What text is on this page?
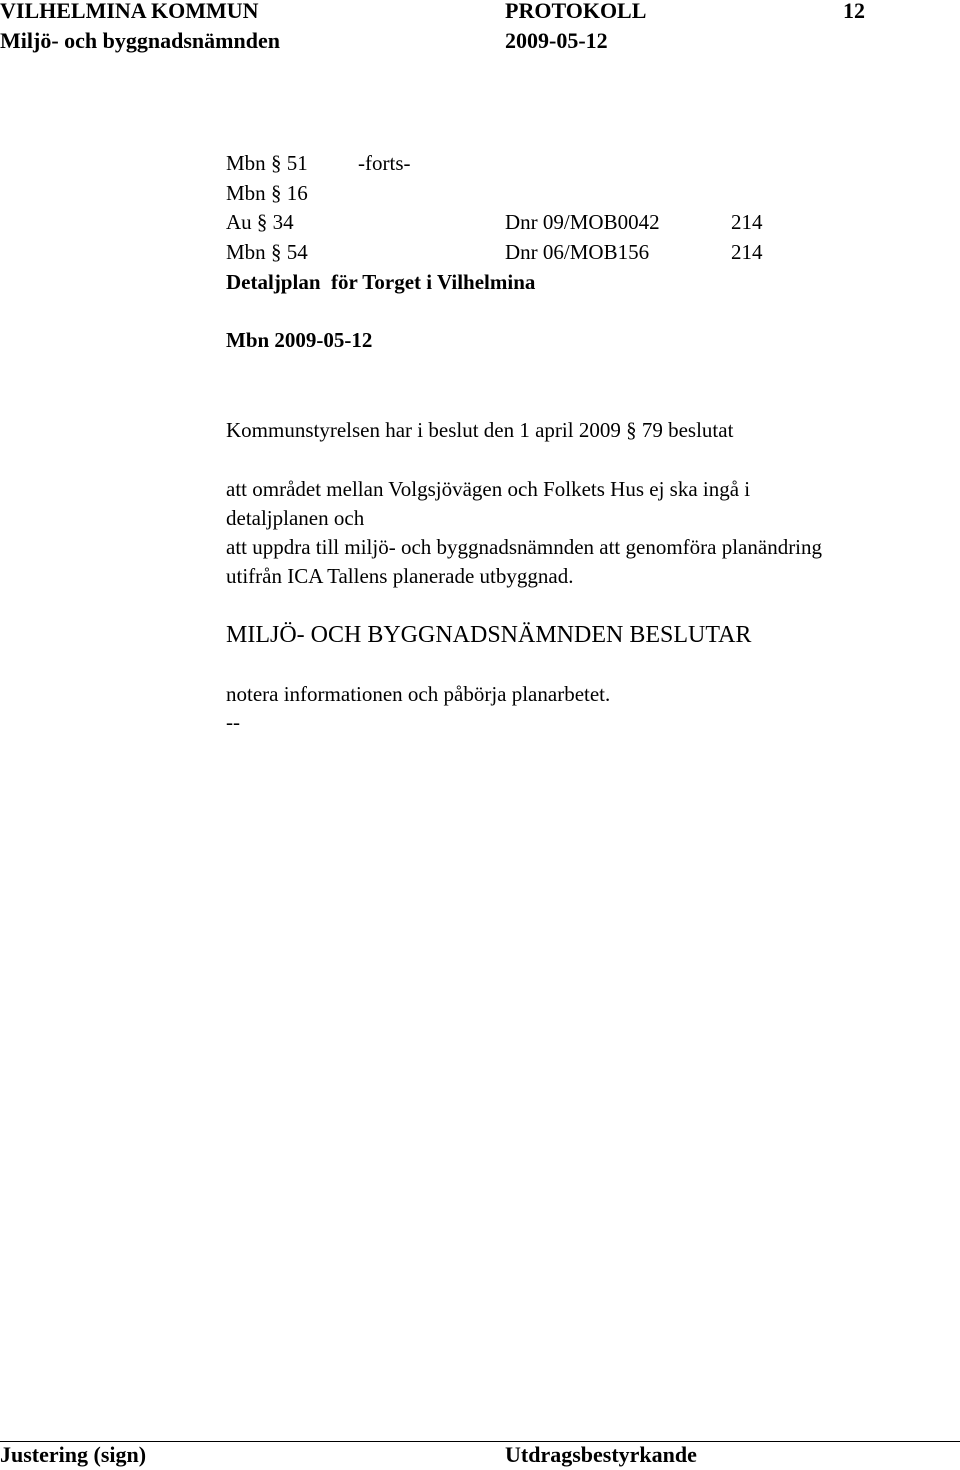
VILHELMINA KOMMUN	PROTOKOLL	12
Miljö- och byggnadsnämnden	2009-05-12
Mbn § 51 -forts-
Mbn § 16
Au § 34	Dnr 09/MOB0042	214
Mbn § 54	Dnr 06/MOB156	214
Detaljplan  för Torget i Vilhelmina
Mbn 2009-05-12
Kommunstyrelsen har i beslut den 1 april 2009 § 79 beslutat
att området mellan Volgsjövägen och Folkets Hus ej ska ingå i
detaljplanen och
att uppdra till miljö- och byggnadsnämnden att genomföra planändring
utifrån ICA Tallens planerade utbyggnad.
MILJÖ- OCH BYGGNADSNÄMNDEN BESLUTAR
notera informationen och påbörja planarbetet.
--
Justering (sign)	Utdragsbestyrkande
